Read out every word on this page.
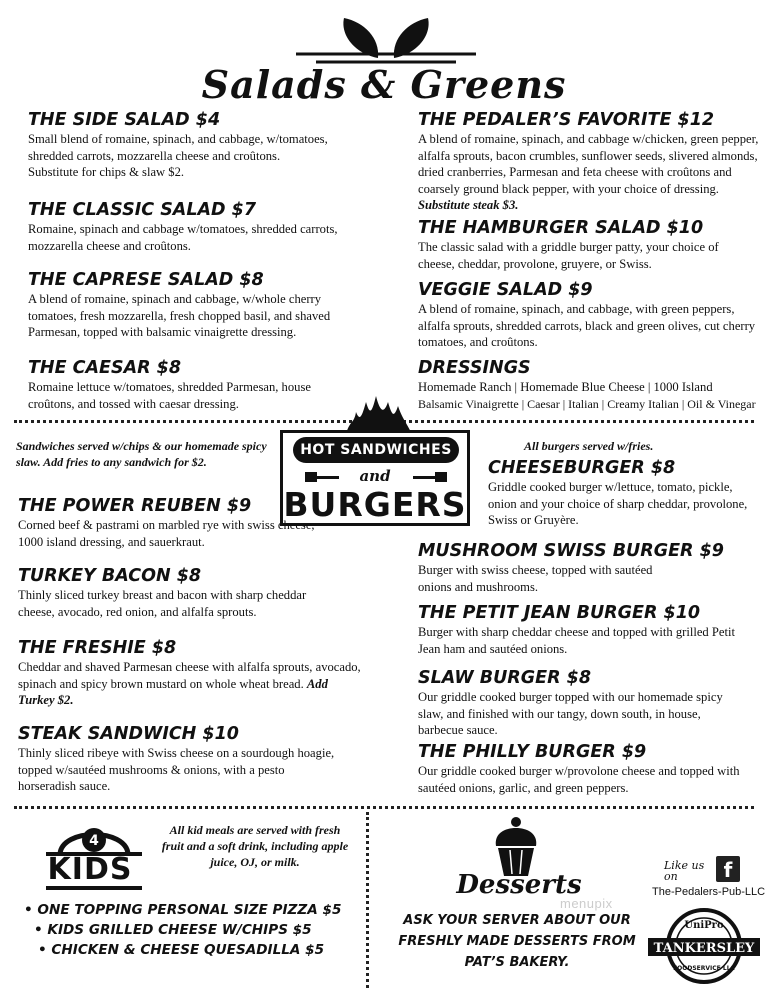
Salads & Greens
THE SIDE SALAD $4
Small blend of romaine, spinach, and cabbage, w/tomatoes, shredded carrots, mozzarella cheese and croûtons.
Substitute for chips & slaw $2.
THE CLASSIC SALAD $7
Romaine, spinach and cabbage w/tomatoes, shredded carrots, mozzarella cheese and croûtons.
THE CAPRESE SALAD $8
A blend of romaine, spinach and cabbage, w/whole cherry tomatoes, fresh mozzarella, fresh chopped basil, and shaved Parmesan, topped with balsamic vinaigrette dressing.
THE CAESAR $8
Romaine lettuce w/tomatoes, shredded Parmesan, house croûtons, and tossed with caesar dressing.
THE PEDALER’S FAVORITE $12
A blend of romaine, spinach, and cabbage w/chicken, green pepper, alfalfa sprouts, bacon crumbles, sunflower seeds, slivered almonds, dried cranberries, Parmesan and feta cheese with croûtons and coarsely ground black pepper, with your choice of dressing. Substitute steak $3.
THE HAMBURGER SALAD $10
The classic salad with a griddle burger patty, your choice of cheese, cheddar, provolone, gruyere, or Swiss.
VEGGIE SALAD $9
A blend of romaine, spinach, and cabbage, with green peppers, alfalfa sprouts, shredded carrots, black and green olives, cut cherry tomatoes, and croûtons.
DRESSINGS
Homemade Ranch | Homemade Blue Cheese | 1000 Island
Balsamic Vinaigrette | Caesar | Italian | Creamy Italian | Oil & Vinegar
HOT SANDWICHES
and
BURGERS
Sandwiches served w/chips & our homemade spicy slaw. Add fries to any sandwich for $2.
All burgers served w/fries.
THE POWER REUBEN $9
Corned beef & pastrami on marbled rye with swiss cheese, 1000 island dressing, and sauerkraut.
TURKEY BACON $8
Thinly sliced turkey breast and bacon with sharp cheddar cheese, avocado, red onion, and alfalfa sprouts.
THE FRESHIE $8
Cheddar and shaved Parmesan cheese with alfalfa sprouts, avocado, spinach and spicy brown mustard on whole wheat bread. Add Turkey $2.
STEAK SANDWICH $10
Thinly sliced ribeye with Swiss cheese on a sourdough hoagie, topped w/sautéed mushrooms & onions, with a pesto horseradish sauce.
CHEESEBURGER $8
Griddle cooked burger w/lettuce, tomato, pickle, onion and your choice of sharp cheddar, provolone, Swiss or Gruyère.
MUSHROOM SWISS BURGER $9
Burger with swiss cheese, topped with sautéed onions and mushrooms.
THE PETIT JEAN BURGER $10
Burger with sharp cheddar cheese and topped with grilled Petit Jean ham and sautéed onions.
SLAW BURGER $8
Our griddle cooked burger topped with our homemade spicy slaw, and finished with our tangy, down south, in house, barbecue sauce.
THE PHILLY BURGER $9
Our griddle cooked burger w/provolone cheese and topped with sautéed onions, garlic, and green peppers.
4
KIDS
All kid meals are served with fresh fruit and a soft drink, including apple juice, OJ, or milk.
• ONE TOPPING PERSONAL SIZE PIZZA $5
• KIDS GRILLED CHEESE W/CHIPS $5
• CHICKEN & CHEESE QUESADILLA $5
Desserts
ASK YOUR SERVER ABOUT OUR FRESHLY MADE DESSERTS FROM PAT’S BAKERY.
menupix
Like us
on	f
The-Pedalers-Pub-LLC
UniPro
TANKERSLEY
FOODSERVICE LLC
